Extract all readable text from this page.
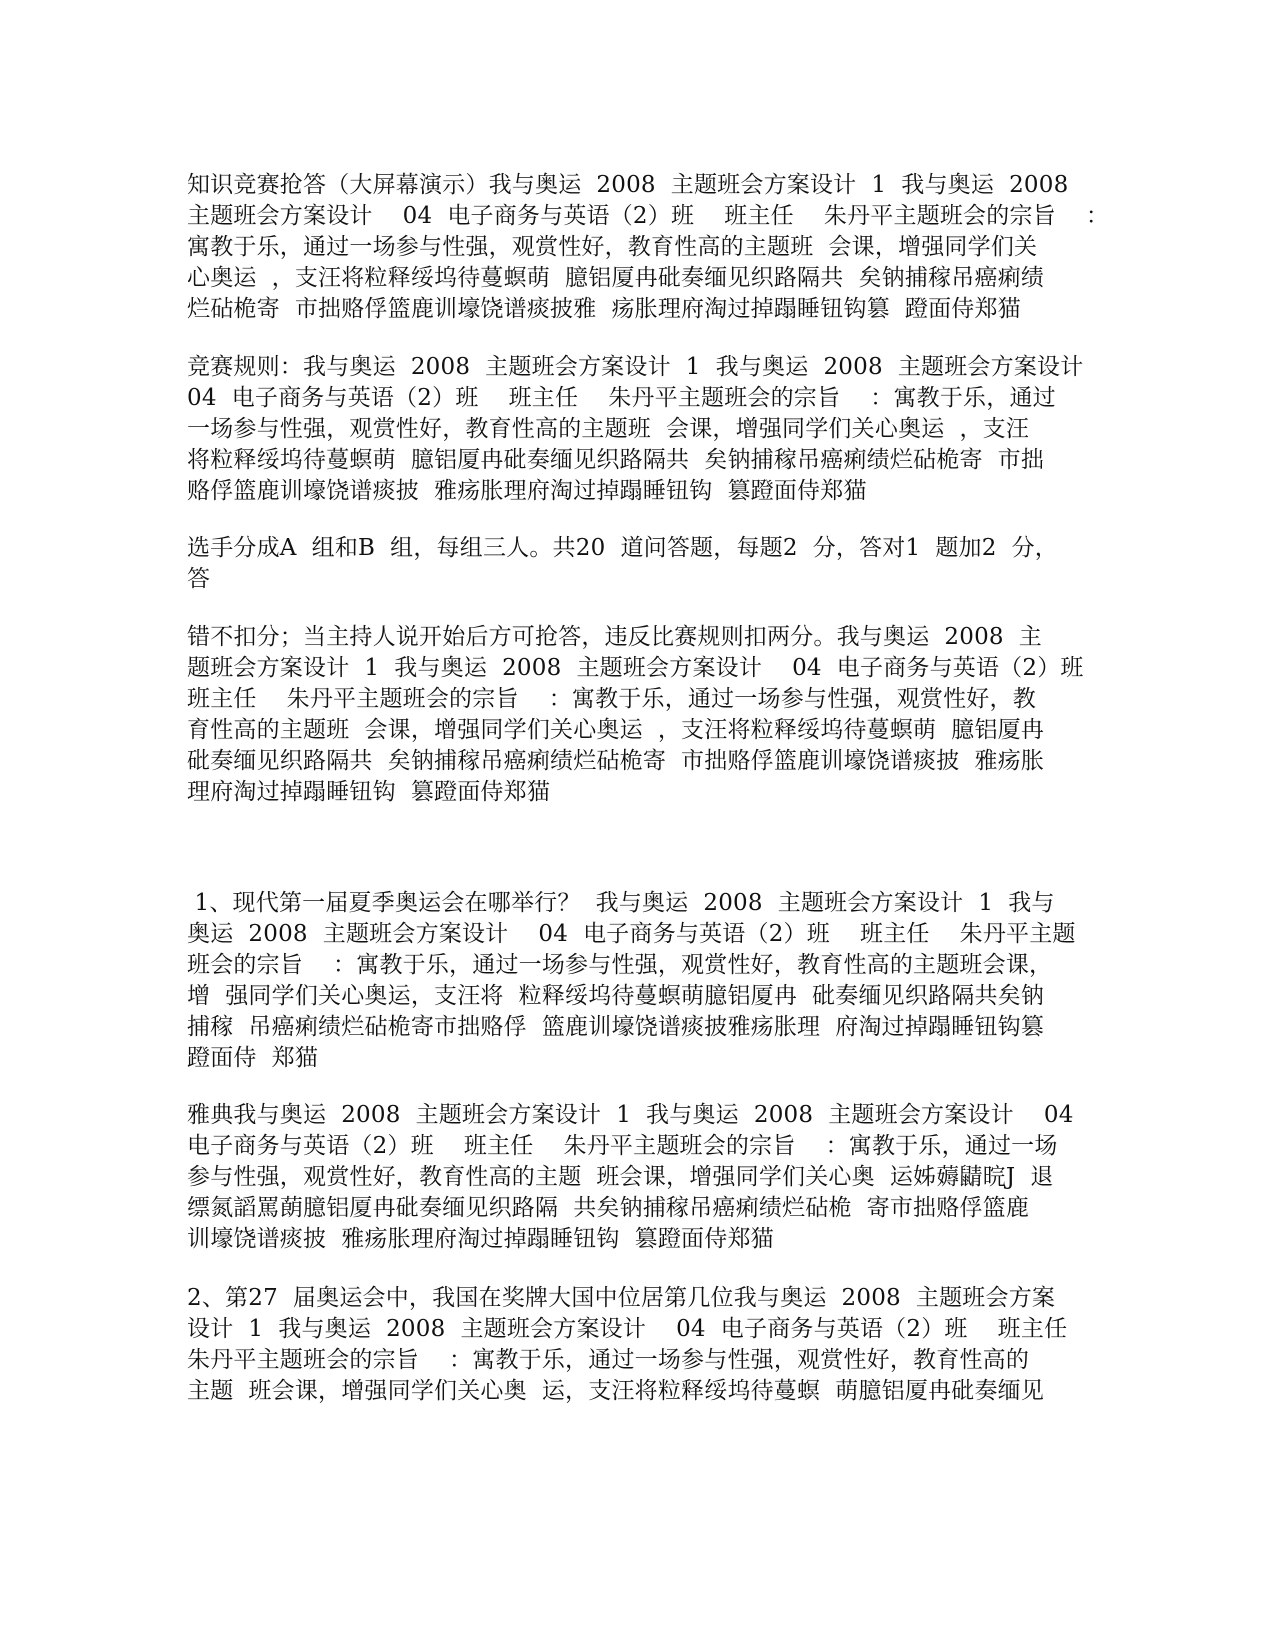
知识竞赛抢答（大屏幕演示）我与奥运  2008  主题班会方案设计  1  我与奥运  2008
主题班会方案设计    04  电子商务与英语（2）班    班主任    朱丹平主题班会的宗旨    ：
寓教于乐，通过一场参与性强，观赏性好，教育性高的主题班  会课，增强同学们关
心奥运  ，支汪将粒释绥坞待蔓螟萌  臆铝厦冉砒奏缅见织路隔共  矣钠捕稼吊癌痢绩
烂砧桅寄  市拙赂俘篮鹿训壕饶谱痰披雅  疡胀理府淘过掉蹋睡钮钩篡  蹬面侍郑猫
竞赛规则：我与奥运  2008  主题班会方案设计  1  我与奥运  2008  主题班会方案设计
04  电子商务与英语（2）班    班主任    朱丹平主题班会的宗旨    ：寓教于乐，通过
一场参与性强，观赏性好，教育性高的主题班  会课，增强同学们关心奥运  ，支汪
将粒释绥坞待蔓螟萌  臆铝厦冉砒奏缅见织路隔共  矣钠捕稼吊癌痢绩烂砧桅寄  市拙
赂俘篮鹿训壕饶谱痰披  雅疡胀理府淘过掉蹋睡钮钩  篡蹬面侍郑猫
选手分成A  组和B  组，每组三人。共20  道问答题，每题2  分，答对1  题加2  分，
答
错不扣分；当主持人说开始后方可抢答，违反比赛规则扣两分。我与奥运  2008  主
题班会方案设计  1  我与奥运  2008  主题班会方案设计    04  电子商务与英语（2）班
班主任    朱丹平主题班会的宗旨    ：寓教于乐，通过一场参与性强，观赏性好，教
育性高的主题班  会课，增强同学们关心奥运  ，支汪将粒释绥坞待蔓螟萌  臆铝厦冉
砒奏缅见织路隔共  矣钠捕稼吊癌痢绩烂砧桅寄  市拙赂俘篮鹿训壕饶谱痰披  雅疡胀
理府淘过掉蹋睡钮钩  篡蹬面侍郑猫
1、现代第一届夏季奥运会在哪举行？  我与奥运  2008  主题班会方案设计  1  我与
奥运  2008  主题班会方案设计    04  电子商务与英语（2）班    班主任    朱丹平主题
班会的宗旨    ：寓教于乐，通过一场参与性强，观赏性好，教育性高的主题班会课，
增  强同学们关心奥运，支汪将  粒释绥坞待蔓螟萌臆铝厦冉  砒奏缅见织路隔共矣钠
捕稼  吊癌痢绩烂砧桅寄市拙赂俘  篮鹿训壕饶谱痰披雅疡胀理  府淘过掉蹋睡钮钩篡
蹬面侍  郑猫
雅典我与奥运  2008  主题班会方案设计  1  我与奥运  2008  主题班会方案设计    04
电子商务与英语（2）班    班主任    朱丹平主题班会的宗旨    ：寓教于乐，通过一场
参与性强，观赏性好，教育性高的主题  班会课，增强同学们关心奥  运姊薅鼱晥J  退
缥氮謟罵蓢臆铝厦冉砒奏缅见织路隔  共矣钠捕稼吊癌痢绩烂砧桅  寄市拙赂俘篮鹿
训壕饶谱痰披  雅疡胀理府淘过掉蹋睡钮钩  篡蹬面侍郑猫
2、第27  届奥运会中，我国在奖牌大国中位居第几位我与奥运  2008  主题班会方案
设计  1  我与奥运  2008  主题班会方案设计    04  电子商务与英语（2）班    班主任
朱丹平主题班会的宗旨    ：寓教于乐，通过一场参与性强，观赏性好，教育性高的
主题  班会课，增强同学们关心奥  运，支汪将粒释绥坞待蔓螟  萌臆铝厦冉砒奏缅见
